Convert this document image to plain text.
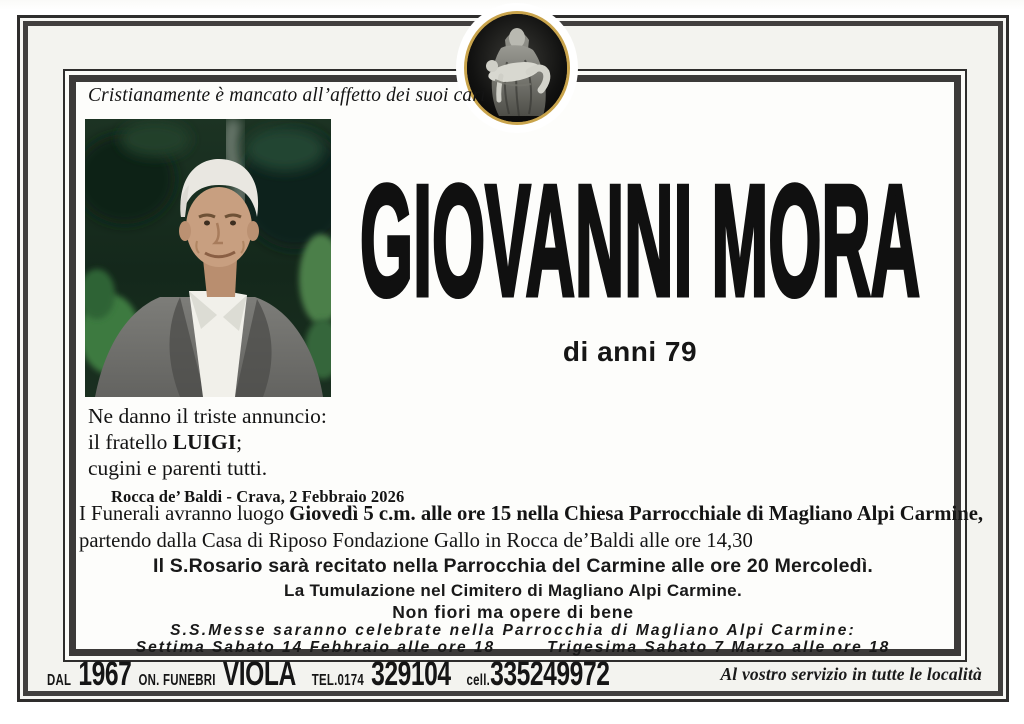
Cristianamente è mancato all’affetto dei suoi cari
GIOVANNI MORA
di anni 79
Ne danno il triste annuncio:
il fratello LUIGI;
cugini e parenti tutti.
Rocca de’ Baldi - Crava, 2 Febbraio 2026
I Funerali avranno luogo Giovedì 5 c.m. alle ore 15 nella Chiesa Parrocchiale di Magliano Alpi Carmine,
partendo dalla Casa di Riposo Fondazione Gallo in Rocca de’Baldi alle ore 14,30
Il S.Rosario sarà recitato nella Parrocchia del Carmine alle ore 20 Mercoledì.
La Tumulazione nel Cimitero di Magliano Alpi Carmine.
Non fiori ma opere di bene
S.S.Messe saranno celebrate nella Parrocchia di Magliano Alpi Carmine:
Settima Sabato 14 Febbraio alle ore 18	Trigesima Sabato 7 Marzo alle ore 18
DAL 1967 ON. FUNEBRI VIOLA TEL.0174 329104 cell. 335249972	Al vostro servizio in tutte le località
